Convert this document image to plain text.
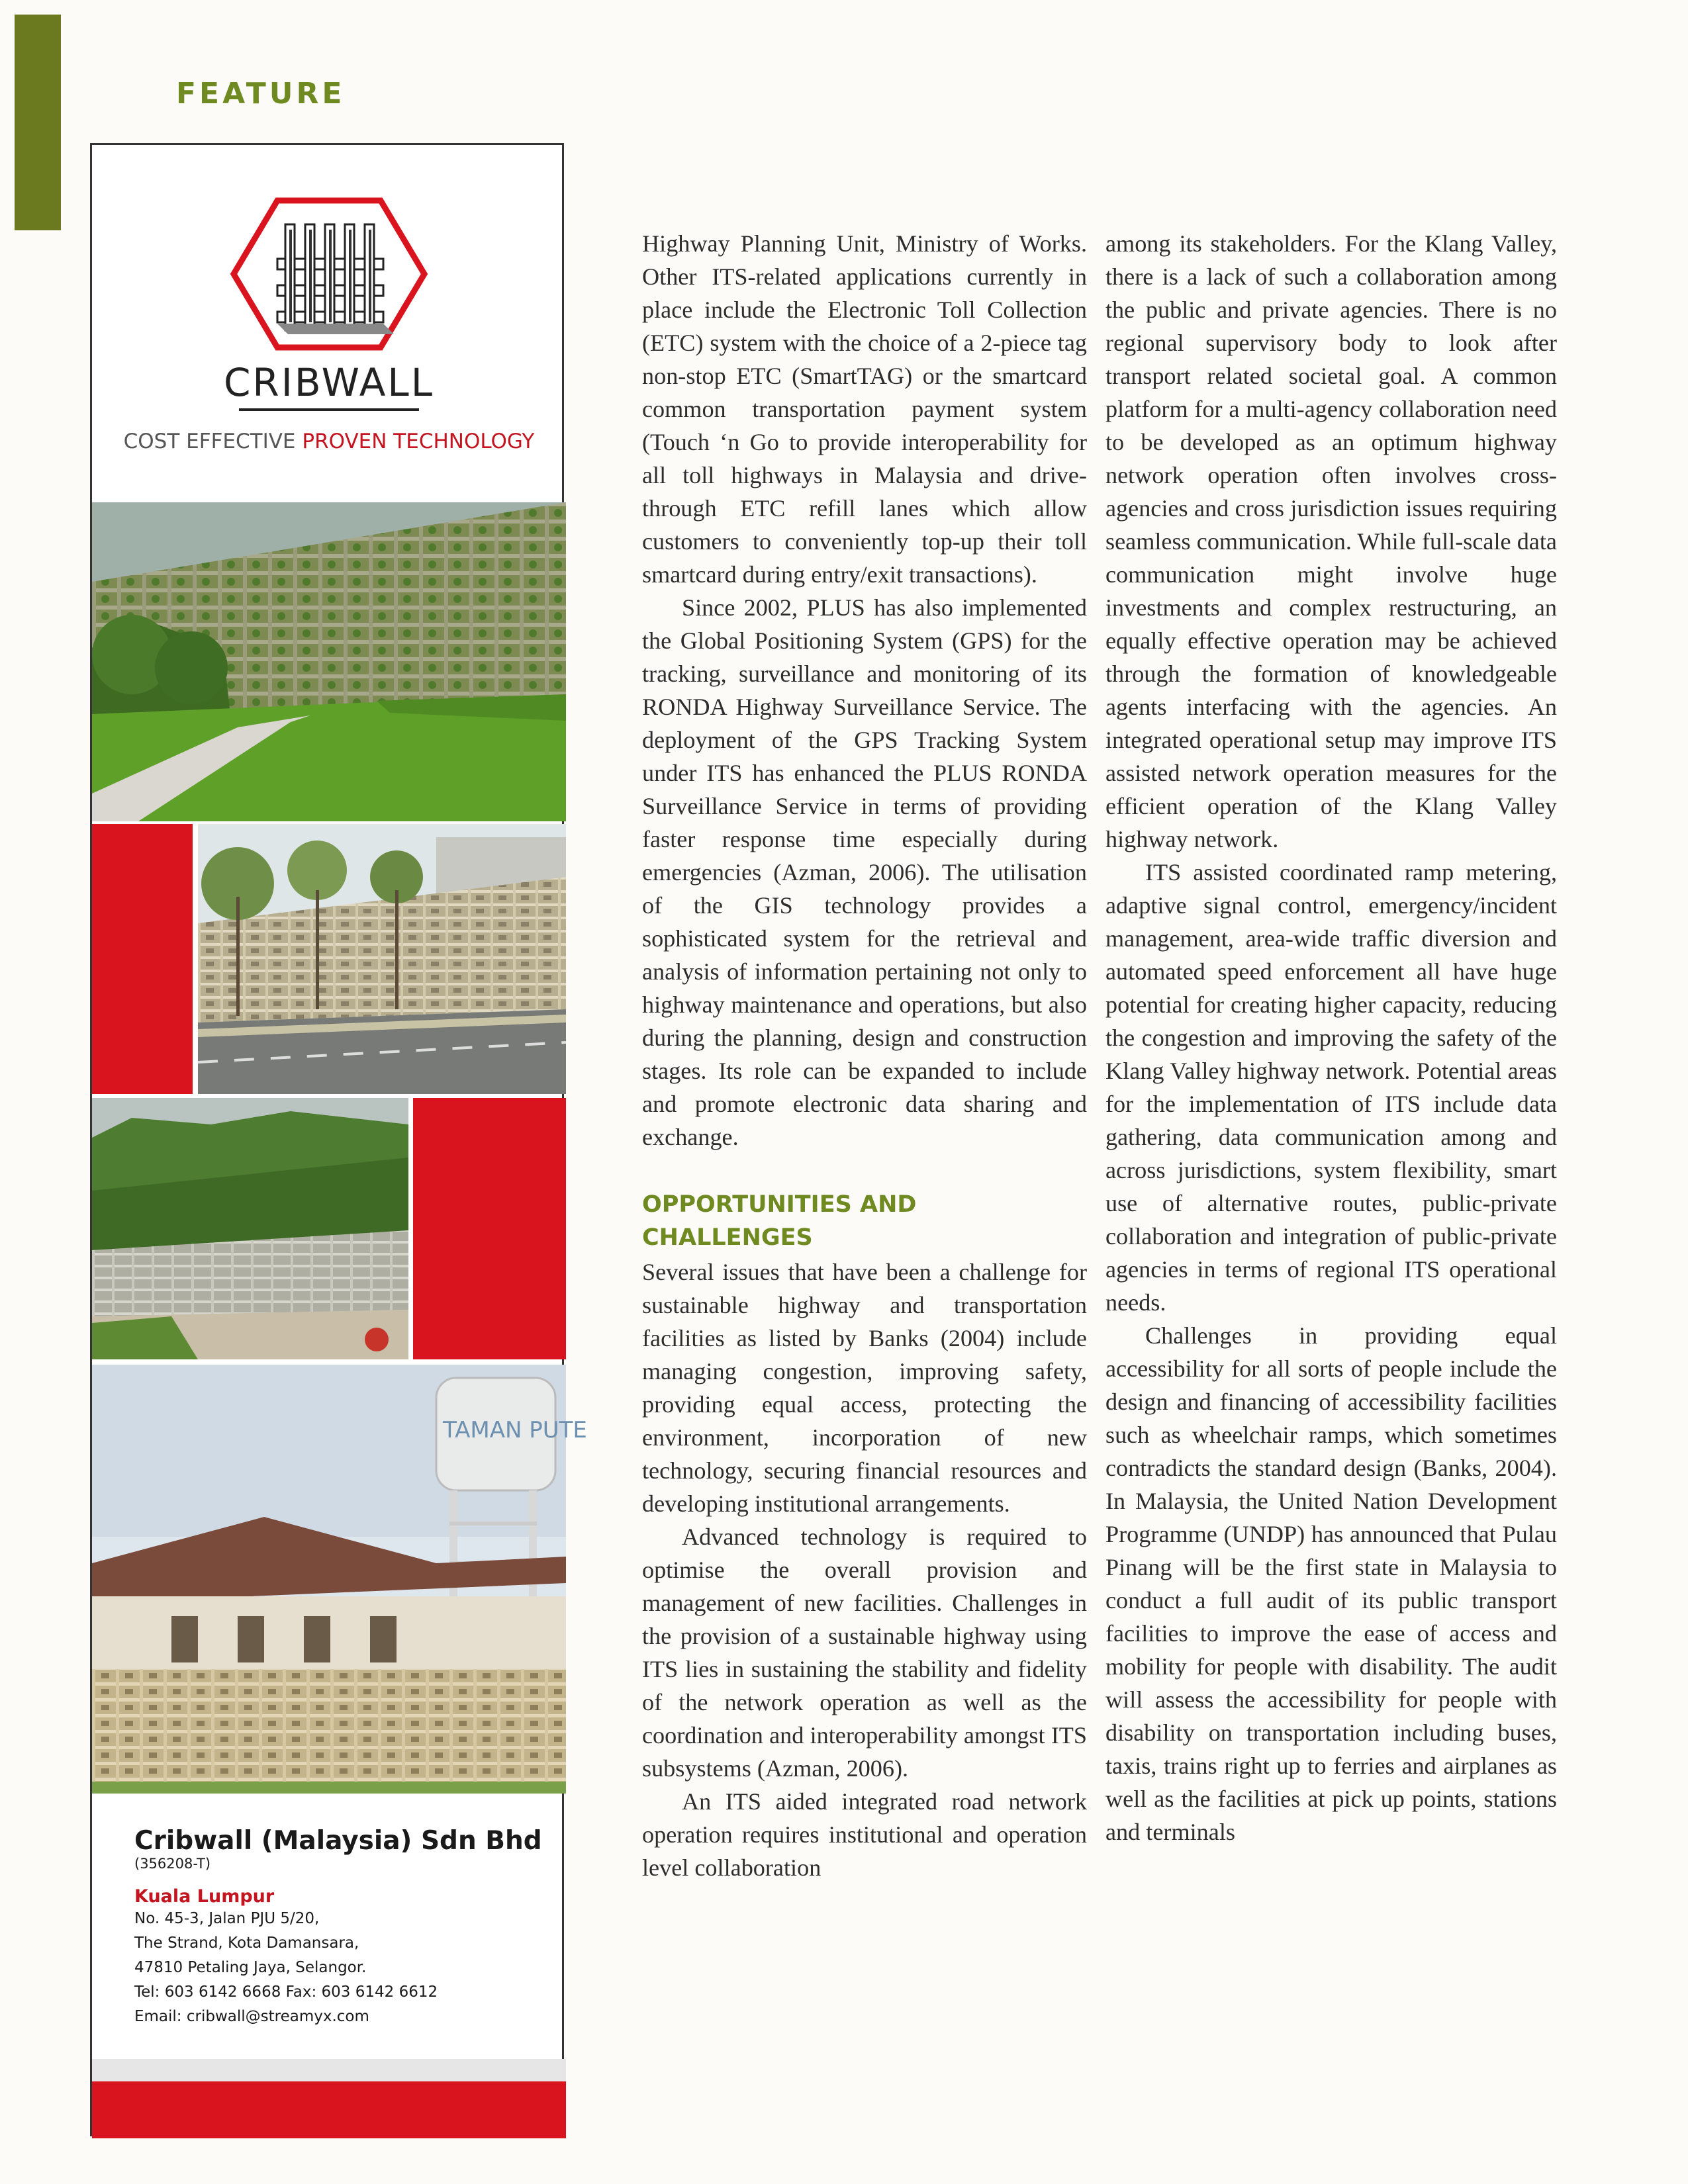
FEATURE
CRIBWALL
COST EFFECTIVE PROVEN TECHNOLOGY
TAMAN PUTE
Cribwall (Malaysia) Sdn Bhd (356208-T)
Kuala Lumpur
No. 45-3, Jalan PJU 5/20,
The Strand, Kota Damansara,
47810 Petaling Jaya, Selangor.
Tel: 603 6142 6668 Fax: 603 6142 6612
Email: cribwall@streamyx.com

Highway Planning Unit, Ministry of Works. Other ITS-related applications currently in place include the Electronic Toll Collection (ETC) system with the choice of a 2-piece tag non-stop ETC (SmartTAG) or the smartcard common transportation payment system (Touch ‘n Go to provide interoperability for all toll highways in Malaysia and drive-through ETC refill lanes which allow customers to conveniently top-up their toll smartcard during entry/exit transactions).

Since 2002, PLUS has also implemented the Global Positioning System (GPS) for the tracking, surveillance and monitoring of its RONDA Highway Surveillance Service. The deployment of the GPS Tracking System under ITS has enhanced the PLUS RONDA Surveillance Service in terms of providing faster response time especially during emergencies (Azman, 2006). The utilisation of the GIS technology provides a sophisticated system for the retrieval and analysis of information pertaining not only to highway maintenance and operations, but also during the planning, design and construction stages. Its role can be expanded to include and promote electronic data sharing and exchange.

OPPORTUNITIES AND CHALLENGES

Several issues that have been a challenge for sustainable highway and transportation facilities as listed by Banks (2004) include managing congestion, improving safety, providing equal access, protecting the environment, incorporation of new technology, securing financial resources and developing institutional arrangements.

Advanced technology is required to optimise the overall provision and management of new facilities. Challenges in the provision of a sustainable highway using ITS lies in sustaining the stability and fidelity of the network operation as well as the coordination and interoperability amongst ITS subsystems (Azman, 2006).

An ITS aided integrated road network operation requires institutional and operation level collaboration

among its stakeholders. For the Klang Valley, there is a lack of such a collaboration among the public and private agencies. There is no regional supervisory body to look after transport related societal goal. A common platform for a multi-agency collaboration need to be developed as an optimum highway network operation often involves cross-agencies and cross jurisdiction issues requiring seamless communication. While full-scale data communication might involve huge investments and complex restructuring, an equally effective operation may be achieved through the formation of knowledgeable agents interfacing with the agencies. An integrated operational setup may improve ITS assisted network operation measures for the efficient operation of the Klang Valley highway network.

ITS assisted coordinated ramp metering, adaptive signal control, emergency/incident management, area-wide traffic diversion and automated speed enforcement all have huge potential for creating higher capacity, reducing the congestion and improving the safety of the Klang Valley highway network. Potential areas for the implementation of ITS include data gathering, data communication among and across jurisdictions, system flexibility, smart use of alternative routes, public-private collaboration and integration of public-private agencies in terms of regional ITS operational needs.

Challenges in providing equal accessibility for all sorts of people include the design and financing of accessibility facilities such as wheelchair ramps, which sometimes contradicts the standard design (Banks, 2004). In Malaysia, the United Nation Development Programme (UNDP) has announced that Pulau Pinang will be the first state in Malaysia to conduct a full audit of its public transport facilities to improve the ease of access and mobility for people with disability. The audit will assess the accessibility for people with disability on transportation including buses, taxis, trains right up to ferries and airplanes as well as the facilities at pick up points, stations and terminals
